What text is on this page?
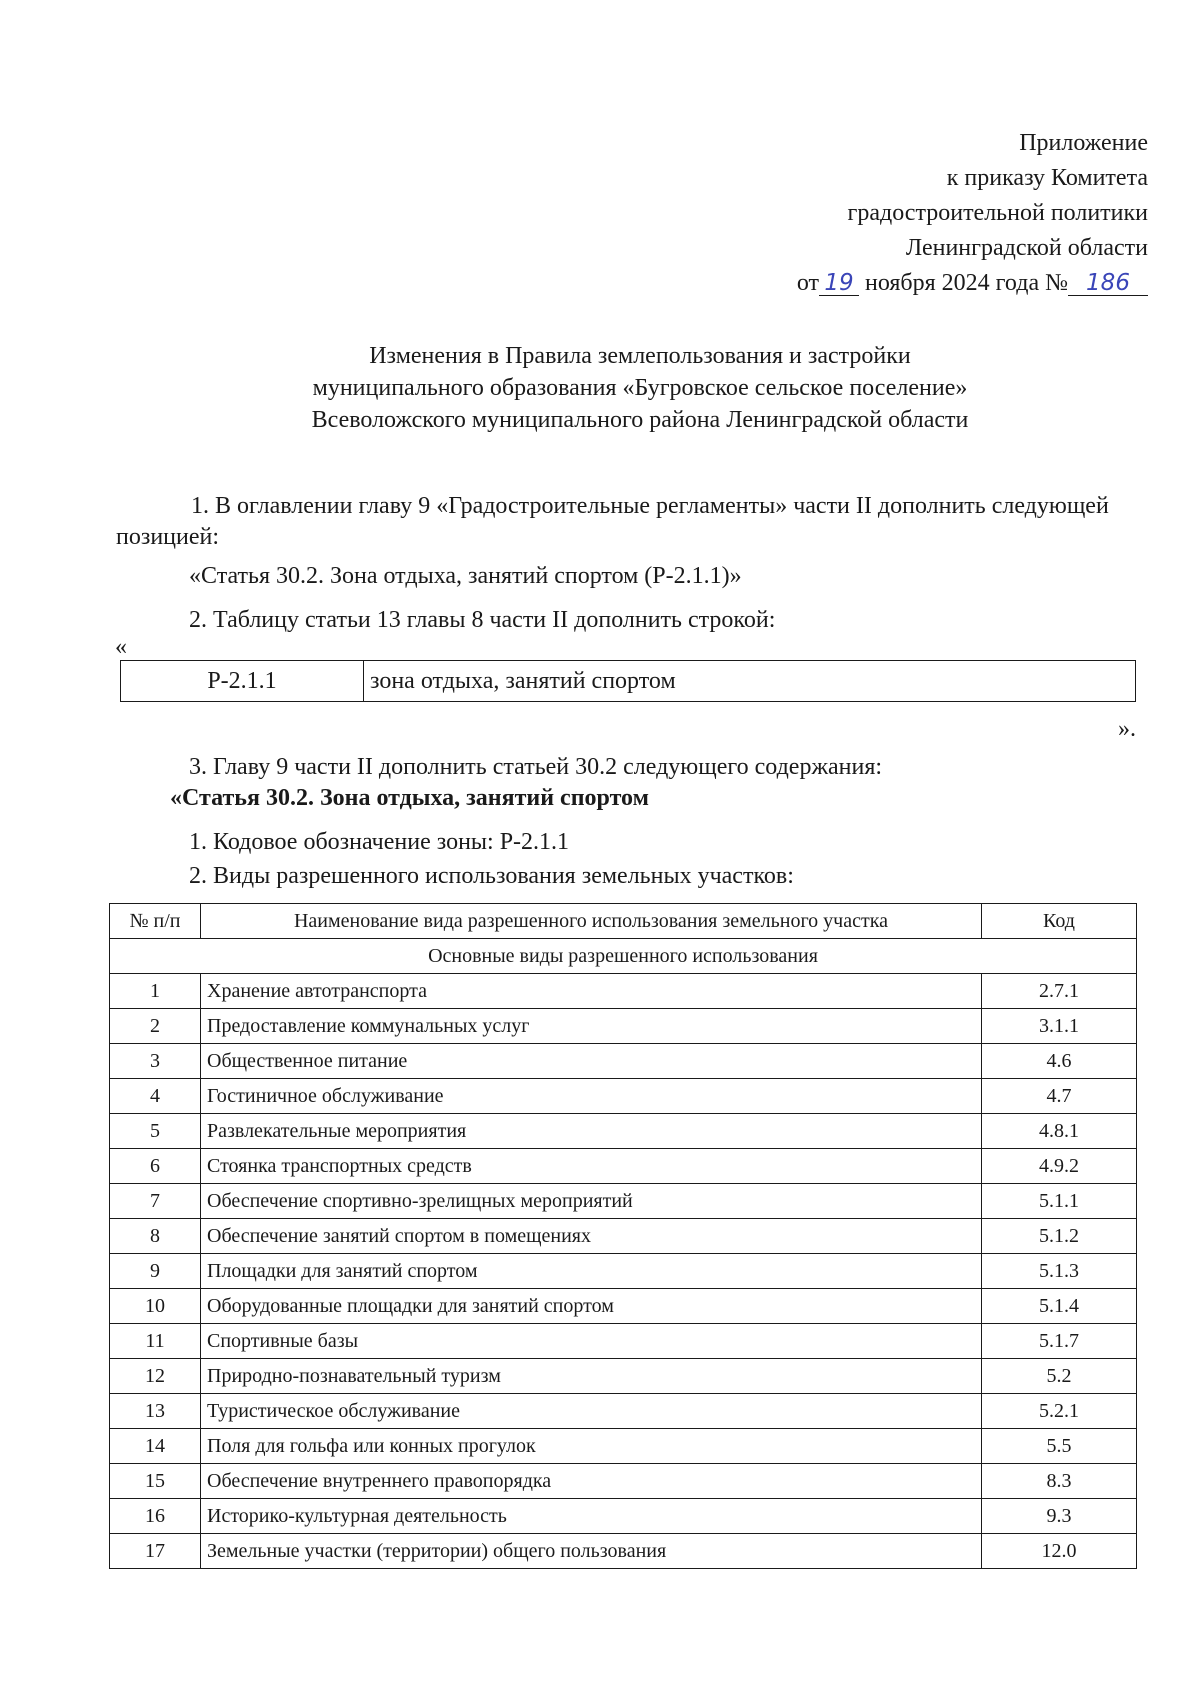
Приложение
к приказу Комитета
градостроительной политики
Ленинградской области
от 19 ноября 2024 года № 186
Изменения в Правила землепользования и застройки
муниципального образования «Бугровское сельское поселение»
Всеволожского муниципального района Ленинградской области
1. В оглавлении главу 9 «Градостроительные регламенты» части II дополнить следующей позицией:
«Статья 30.2. Зона отдыха, занятий спортом (Р-2.1.1)»
2. Таблицу статьи 13 главы 8 части II дополнить строкой:
«
Р-2.1.1	зона отдыха, занятий спортом
».
3. Главу 9 части II дополнить статьей 30.2 следующего содержания:
«Статья 30.2. Зона отдыха, занятий спортом
1. Кодовое обозначение зоны: Р-2.1.1
2. Виды разрешенного использования земельных участков:
№ п/п	Наименование вида разрешенного использования земельного участка	Код
Основные виды разрешенного использования		
1	Хранение автотранспорта	2.7.1
2	Предоставление коммунальных услуг	3.1.1
3	Общественное питание	4.6
4	Гостиничное обслуживание	4.7
5	Развлекательные мероприятия	4.8.1
6	Стоянка транспортных средств	4.9.2
7	Обеспечение спортивно-зрелищных мероприятий	5.1.1
8	Обеспечение занятий спортом в помещениях	5.1.2
9	Площадки для занятий спортом	5.1.3
10	Оборудованные площадки для занятий спортом	5.1.4
11	Спортивные базы	5.1.7
12	Природно-познавательный туризм	5.2
13	Туристическое обслуживание	5.2.1
14	Поля для гольфа или конных прогулок	5.5
15	Обеспечение внутреннего правопорядка	8.3
16	Историко-культурная деятельность	9.3
17	Земельные участки (территории) общего пользования	12.0
